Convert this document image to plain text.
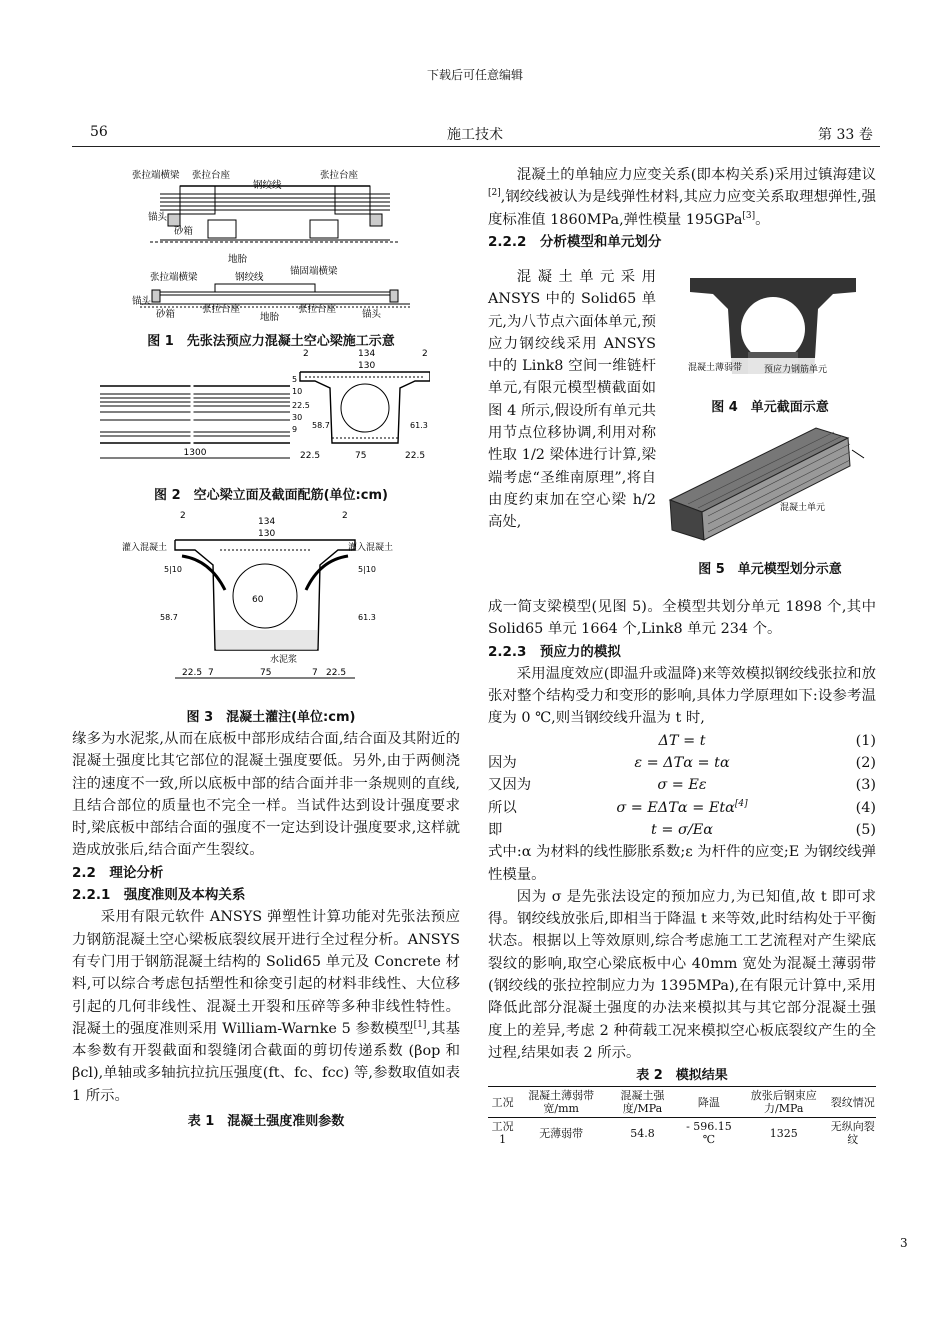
下载后可任意编辑
56	施工技术	第 33 卷
张拉端横梁 张拉台座
钢绞线
张拉台座
锚头
砂箱
地胎
张拉端横梁	钢绞线
锚固端横梁
锚头
砂箱	张拉台座
地胎
张拉台座	锚头
图 1　先张法预应力混凝土空心梁施工示意
1300
134
130
2	2
5
10
22.5
30
9 58.7	61.3
22.5	75	22.5
图 2　空心梁立面及截面配筋(单位:cm)
2	2
134
130
灌入混凝土	灌入混凝土
5|10	5|10
60
58.7	61.3
水泥浆
22.5 7	75	7 22.5
图 3　混凝土灌注(单位:cm)

缘多为水泥浆,从而在底板中部形成结合面,结合面及其附近的混凝土强度比其它部位的混凝土强度要低。另外,由于两侧浇注的速度不一致,所以底板中部的结合面并非一条规则的直线,且结合部位的质量也不完全一样。当试件达到设计强度要求时,梁底板中部结合面的强度不一定达到设计强度要求,这样就造成放张后,结合面产生裂纹。

2.2　理论分析

2.2.1　强度准则及本构关系

采用有限元软件 ANSYS 弹塑性计算功能对先张法预应力钢筋混凝土空心梁板底裂纹展开进行全过程分析。ANSYS 有专门用于钢筋混凝土结构的 Solid65 单元及 Concrete 材料,可以综合考虑包括塑性和徐变引起的材料非线性、大位移引起的几何非线性、混凝土开裂和压碎等多种非线性特性。混凝土的强度准则采用 William-Warnke 5 参数模型[1],其基本参数有开裂截面和裂缝闭合截面的剪切传递系数 (βop 和 βcl),单轴或多轴抗拉抗压强度(ft、fc、fcc) 等,参数取值如表 1 所示。

表 1　混凝土强度准则参数

混凝土的单轴应力应变关系(即本构关系)采用过镇海建议[2],钢绞线被认为是线弹性材料,其应力应变关系取理想弹性,强度标准值 1860MPa,弹性模量 195GPa[3]。

2.2.2　分析模型和单元划分

混凝土单元采用 ANSYS 中的 Solid65 单元,为八节点六面体单元,预应力钢绞线采用 ANSYS 中的 Link8 空间一维链杆单元,有限元模型横截面如图 4 所示,假设所有单元共用节点位移协调,利用对称性取 1/2 梁体进行计算,梁端考虑“圣维南原理”,将自由度约束加在空心梁 h/2 高处,

混凝土薄弱带 预应力钢筋单元
图 4　单元截面示意
混凝土单元
图 5　单元模型划分示意

成一简支梁模型(见图 5)。全模型共划分单元 1898 个,其中 Solid65 单元 1664 个,Link8 单元 234 个。

2.2.3　预应力的模拟

采用温度效应(即温升或温降)来等效模拟钢绞线张拉和放张对整个结构受力和变形的影响,具体力学原理如下:设参考温度为 0 ℃,则当钢绞线升温为 t 时,

ΔT = t	(1)
因为	ε = ΔTα = tα	(2)
又因为	σ = Eε	(3)
所以	σ = EΔTα = Etα[4]	(4)
即	t = σ/Eα	(5)

式中:α 为材料的线性膨胀系数;ε 为杆件的应变;E 为钢绞线弹性模量。

因为 σ 是先张法设定的预加应力,为已知值,故 t 即可求得。钢绞线放张后,即相当于降温 t 来等效,此时结构处于平衡状态。根据以上等效原则,综合考虑施工工艺流程对产生梁底裂纹的影响,取空心梁底板中心 40mm 宽处为混凝土薄弱带(钢绞线的张拉控制应力为 1395MPa),在有限元计算中,采用降低此部分混凝土强度的办法来模拟其与其它部分混凝土强度上的差异,考虑 2 种荷载工况来模拟空心板底裂纹产生的全过程,结果如表 2 所示。

表 2　模拟结果

工况	混凝土薄弱带宽/mm	混凝土强度/MPa	降温	放张后钢束应力/MPa	裂纹情况
工况 1	无薄弱带	54.8	- 596.15 ℃	1325	无纵向裂纹
3
